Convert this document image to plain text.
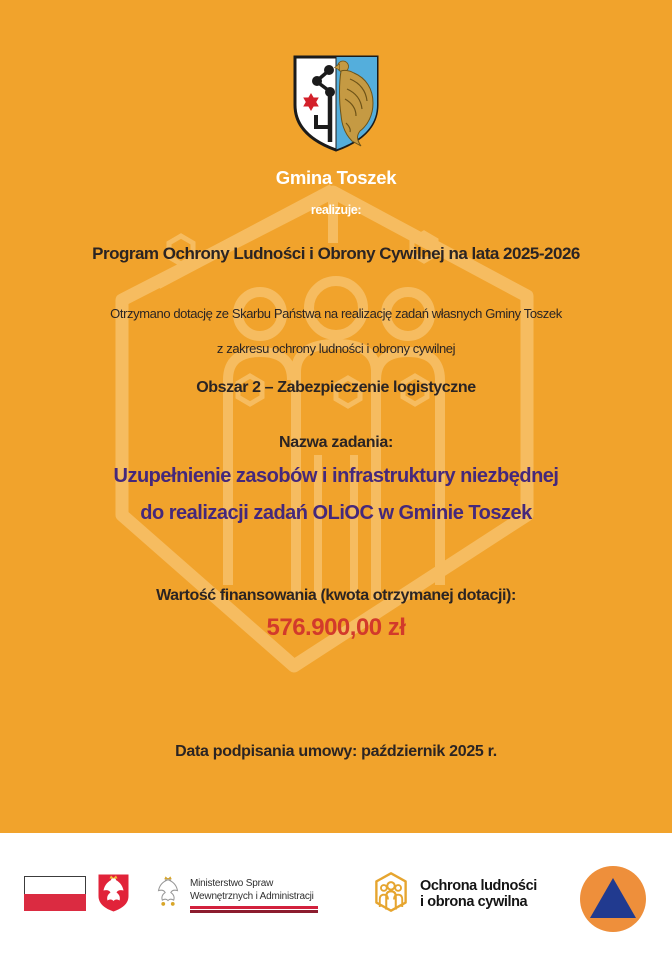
Gmina Toszek
realizuje:
Program Ochrony Ludności i Obrony Cywilnej na lata 2025-2026
Otrzymano dotację ze Skarbu Państwa na realizację zadań własnych Gminy Toszek
z zakresu ochrony ludności i obrony cywilnej
Obszar 2 – Zabezpieczenie logistyczne
Nazwa zadania:
Uzupełnienie zasobów i infrastruktury niezbędnej
do realizacji zadań OLiOC w Gminie Toszek
Wartość finansowania (kwota otrzymanej dotacji):
576.900,00 zł
Data podpisania umowy: październik 2025 r.
Ministerstwo Spraw
Wewnętrznych i Administracji
Ochrona ludności
i obrona cywilna
